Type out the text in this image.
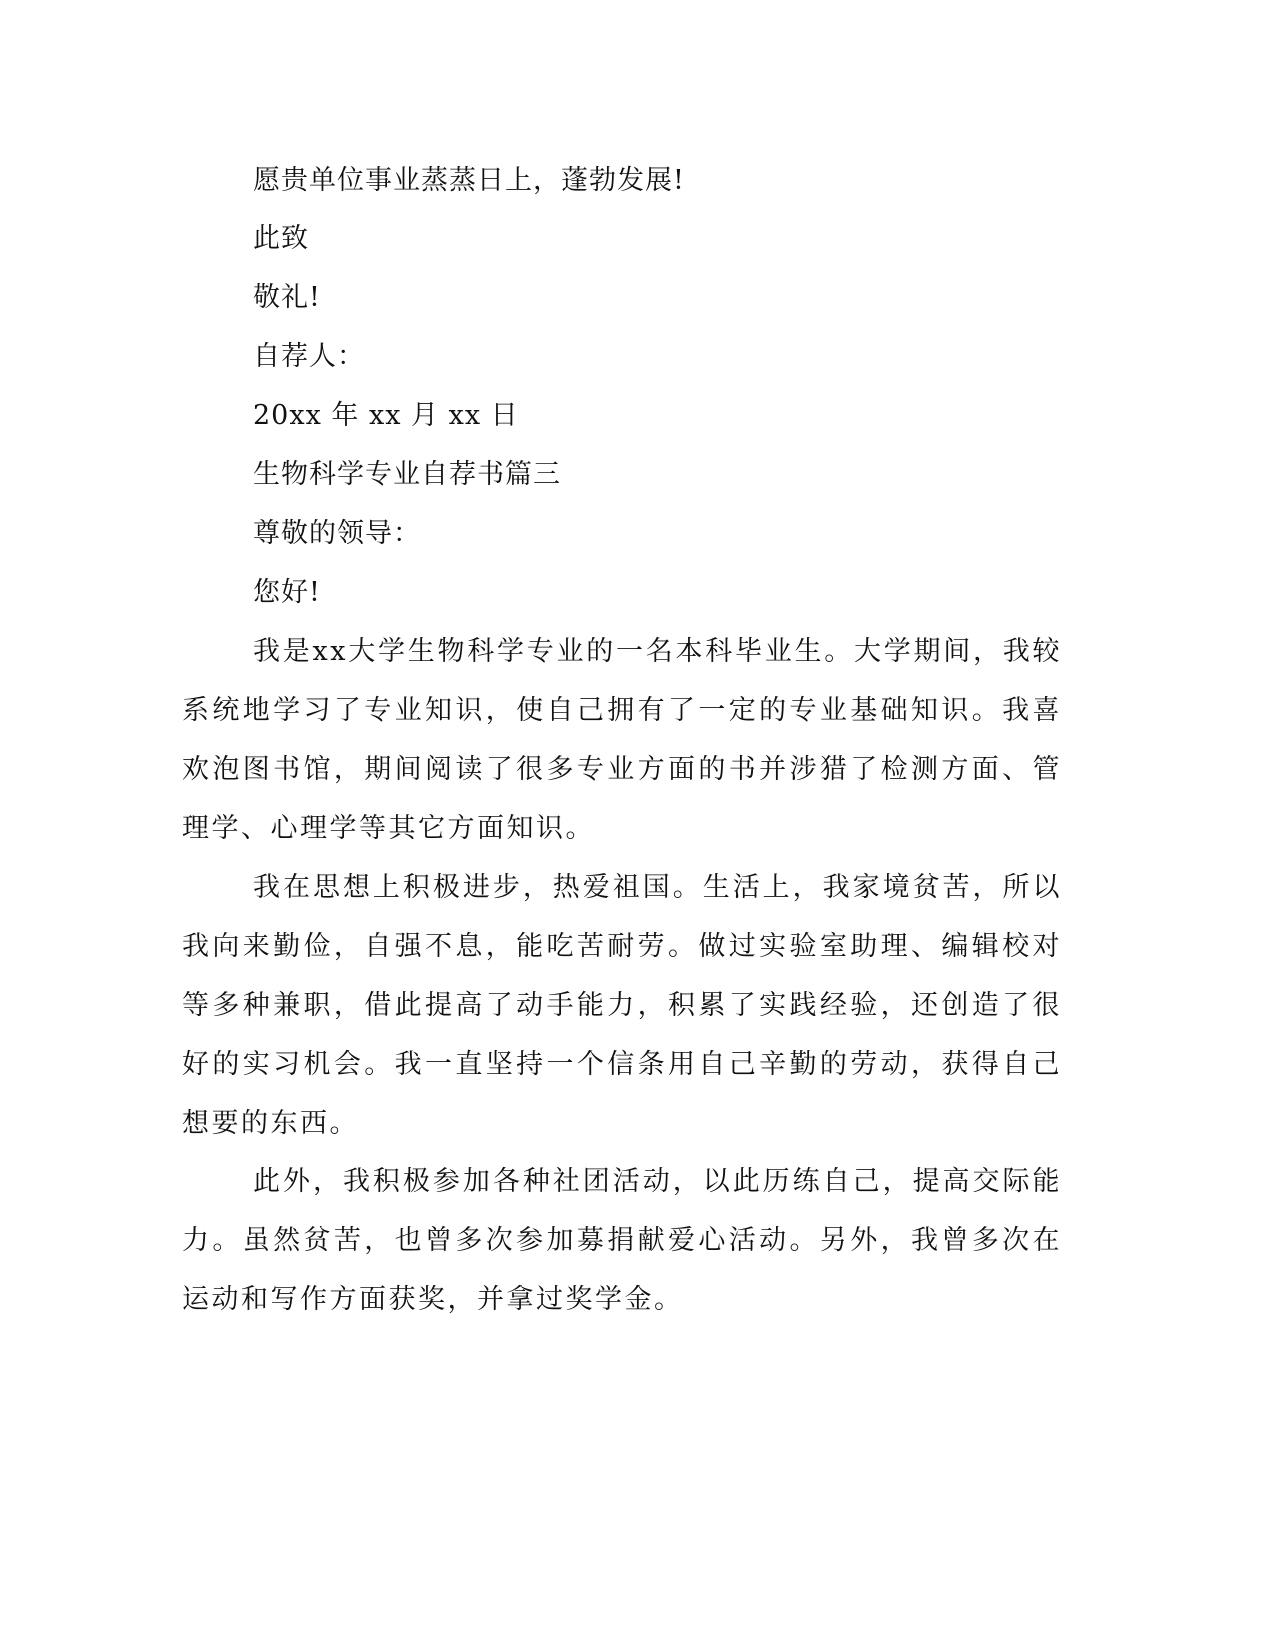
愿贵单位事业蒸蒸日上，蓬勃发展!
此致
敬礼!
自荐人：
20xx 年 xx 月 xx 日
生物科学专业自荐书篇三
尊敬的领导：
您好!

我是xx大学生物科学专业的一名本科毕业生。大学期间，我较系统地学习了专业知识，使自己拥有了一定的专业基础知识。我喜欢泡图书馆，期间阅读了很多专业方面的书并涉猎了检测方面、管理学、心理学等其它方面知识。

我在思想上积极进步，热爱祖国。生活上，我家境贫苦，所以我向来勤俭，自强不息，能吃苦耐劳。做过实验室助理、编辑校对等多种兼职，借此提高了动手能力，积累了实践经验，还创造了很好的实习机会。我一直坚持一个信条用自己辛勤的劳动，获得自己想要的东西。

此外，我积极参加各种社团活动，以此历练自己，提高交际能力。虽然贫苦，也曾多次参加募捐献爱心活动。另外，我曾多次在运动和写作方面获奖，并拿过奖学金。
